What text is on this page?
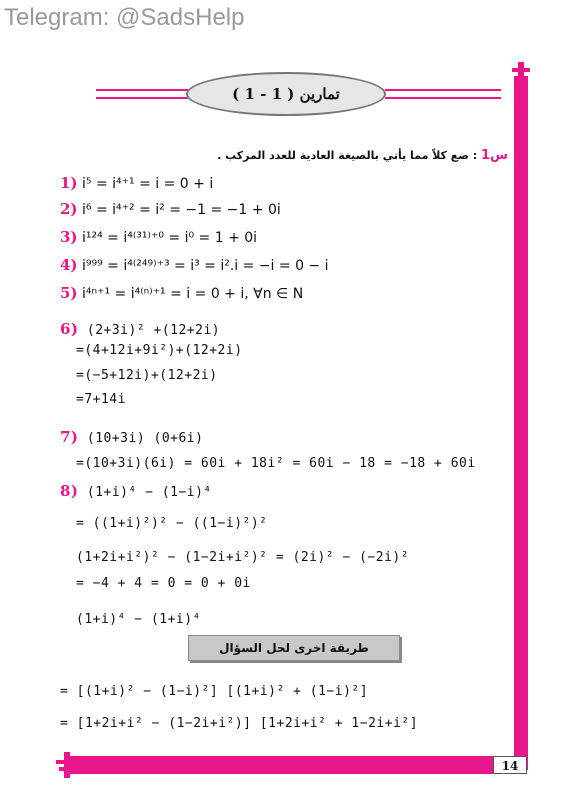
Telegram: @SadsHelp
14
تمارين ( 1 - 1 )
س1 : ضع كلاً مما يأتي بالصيغة العادية للعدد المركب .
1) i⁵ = i⁴⁺¹ = i = 0 + i
2) i⁶ = i⁴⁺² = i² = −1 = −1 + 0i
3) i¹²⁴ = i⁴⁽³¹⁾⁺⁰ = i⁰ = 1 + 0i
4) i⁹⁹⁹ = i⁴⁽²⁴⁹⁾⁺³ = i³ = i².i = −i = 0 − i
5) i⁴ⁿ⁺¹ = i⁴⁽ⁿ⁾⁺¹ = i = 0 + i, ∀n ∈ N
6) (2+3i)² +(12+2i)
=(4+12i+9i²)+(12+2i)
=(−5+12i)+(12+2i)
=7+14i
7) (10+3i) (0+6i)
=(10+3i)(6i) = 60i + 18i² = 60i − 18 = −18 + 60i
8) (1+i)⁴ − (1−i)⁴
= ((1+i)²)² − ((1−i)²)²
(1+2i+i²)² − (1−2i+i²)² = (2i)² − (−2i)²
= −4 + 4 = 0 = 0 + 0i
(1+i)⁴ − (1+i)⁴
طريقة اخرى لحل السؤال
= [(1+i)² − (1−i)²] [(1+i)² + (1−i)²]
= [1+2i+i² − (1−2i+i²)] [1+2i+i² + 1−2i+i²]
